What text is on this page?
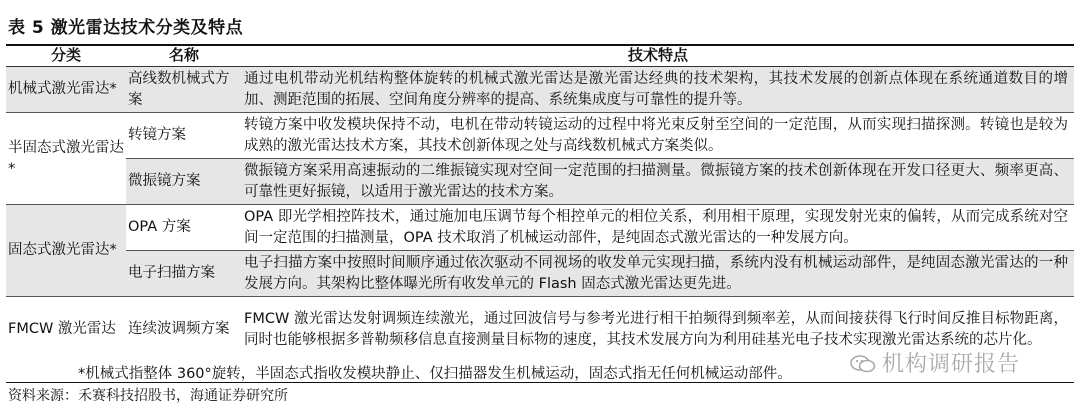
表 5 激光雷达技术分类及特点
分类	名称	技术特点
机械式激光雷达*	高线数机械式方案	通过电机带动光机结构整体旋转的机械式激光雷达是激光雷达经典的技术架构，其技术发展的创新点体现在系统通道数目的增加、测距范围的拓展、空间角度分辨率的提高、系统集成度与可靠性的提升等。
半固态式激光雷达*	转镜方案	转镜方案中收发模块保持不动，电机在带动转镜运动的过程中将光束反射至空间的一定范围，从而实现扫描探测。转镜也是较为成熟的激光雷达技术方案，其技术创新体现之处与高线数机械式方案类似。
	微振镜方案	微振镜方案采用高速振动的二维振镜实现对空间一定范围的扫描测量。微振镜方案的技术创新体现在开发口径更大、频率更高、可靠性更好振镜，以适用于激光雷达的技术方案。
固态式激光雷达*	OPA 方案	OPA 即光学相控阵技术，通过施加电压调节每个相控单元的相位关系，利用相干原理，实现发射光束的偏转，从而完成系统对空间一定范围的扫描测量，OPA 技术取消了机械运动部件，是纯固态式激光雷达的一种发展方向。
	电子扫描方案	电子扫描方案中按照时间顺序通过依次驱动不同视场的收发单元实现扫描，系统内没有机械运动部件，是纯固态激光雷达的一种发展方向。其架构比整体曝光所有收发单元的 Flash 固态式激光雷达更先进。
FMCW 激光雷达	连续波调频方案	FMCW 激光雷达发射调频连续激光，通过回波信号与参考光进行相干拍频得到频率差，从而间接获得飞行时间反推目标物距离，同时也能够根据多普勒频移信息直接测量目标物的速度，其技术发展方向为利用硅基光电子技术实现激光雷达系统的芯片化。
机构调研报告
*机械式指整体 360°旋转，半固态式指收发模块静止、仅扫描器发生机械运动，固态式指无任何机械运动部件。
资料来源：禾赛科技招股书，海通证券研究所
